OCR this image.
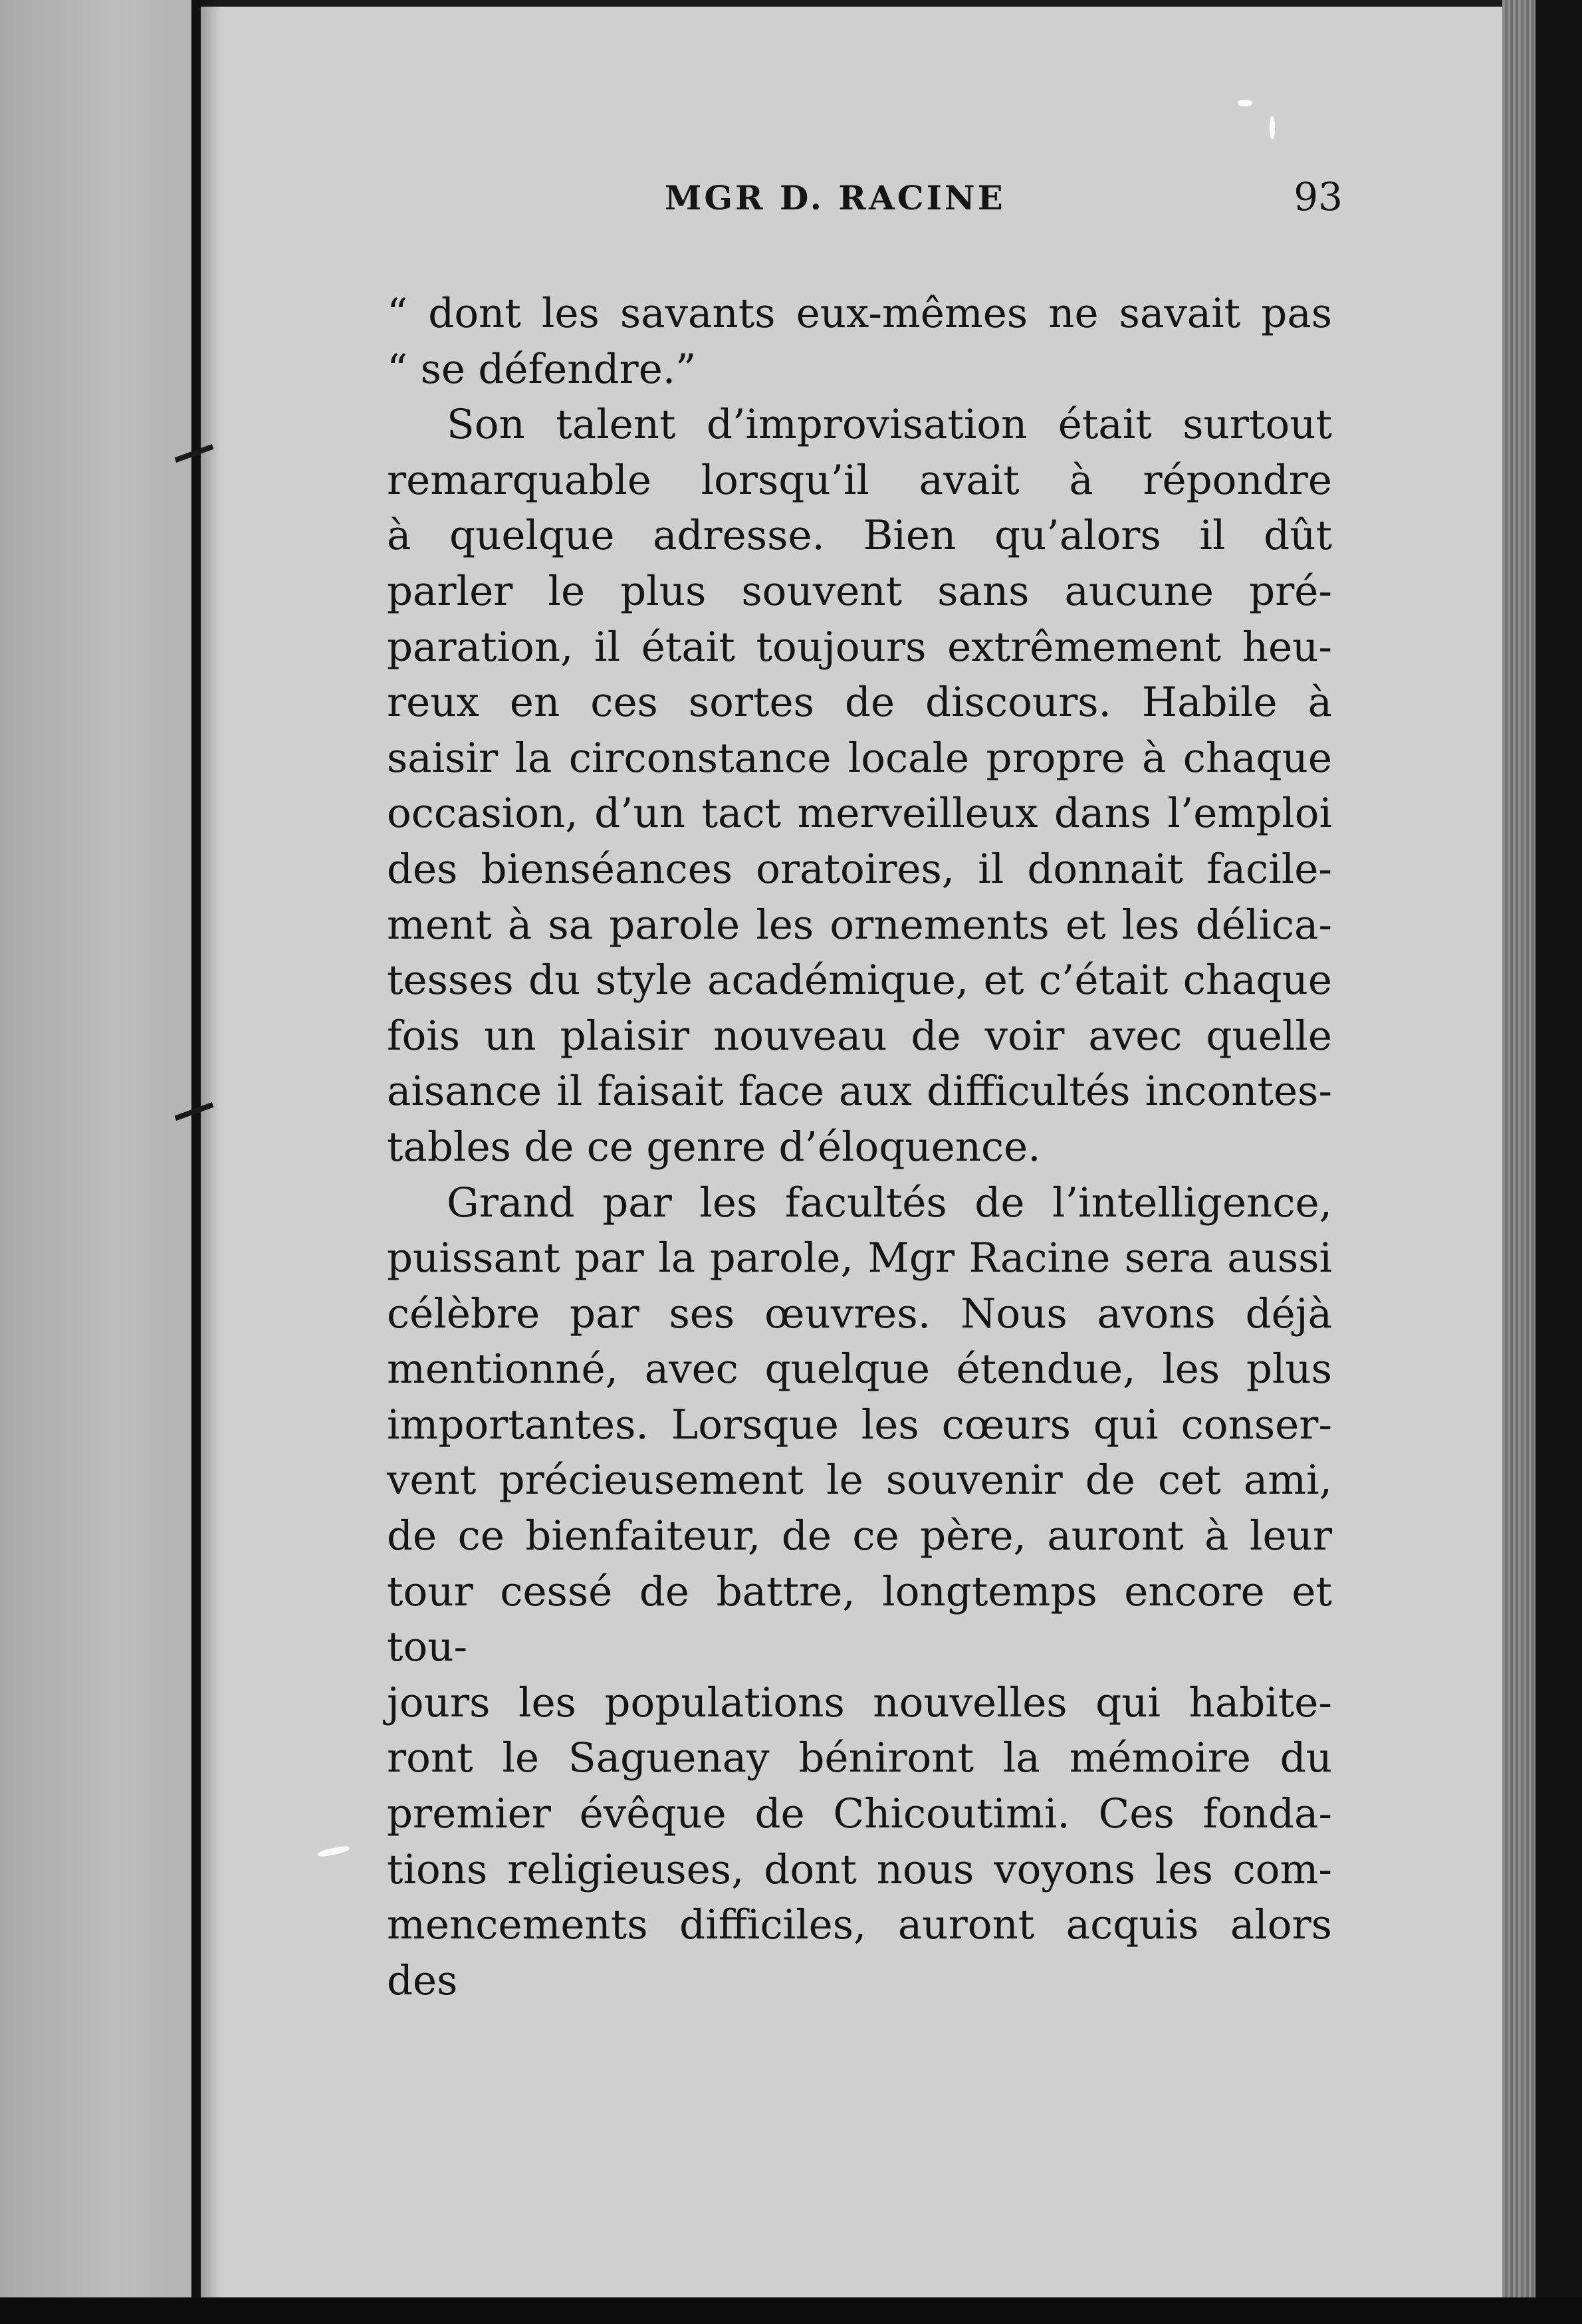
MGR D. RACINE	93

“ dont les savants eux-mêmes ne savait pas

“ se défendre.”

Son talent d’improvisation était surtout

remarquable lorsqu’il avait à répondre

à quelque adresse. Bien qu’alors il dût

parler le plus souvent sans aucune pré-

paration, il était toujours extrêmement heu-

reux en ces sortes de discours. Habile à

saisir la circonstance locale propre à chaque

occasion, d’un tact merveilleux dans l’emploi

des bienséances oratoires, il donnait facile-

ment à sa parole les ornements et les délica-

tesses du style académique, et c’était chaque

fois un plaisir nouveau de voir avec quelle

aisance il faisait face aux difficultés incontes-

tables de ce genre d’éloquence.

Grand par les facultés de l’intelligence,

puissant par la parole, Mgr Racine sera aussi

célèbre par ses œuvres. Nous avons déjà

mentionné, avec quelque étendue, les plus

importantes. Lorsque les cœurs qui conser-

vent précieusement le souvenir de cet ami,

de ce bienfaiteur, de ce père, auront à leur

tour cessé de battre, longtemps encore et tou-

jours les populations nouvelles qui habite-

ront le Saguenay béniront la mémoire du

premier évêque de Chicoutimi. Ces fonda-

tions religieuses, dont nous voyons les com-

mencements difficiles, auront acquis alors des
